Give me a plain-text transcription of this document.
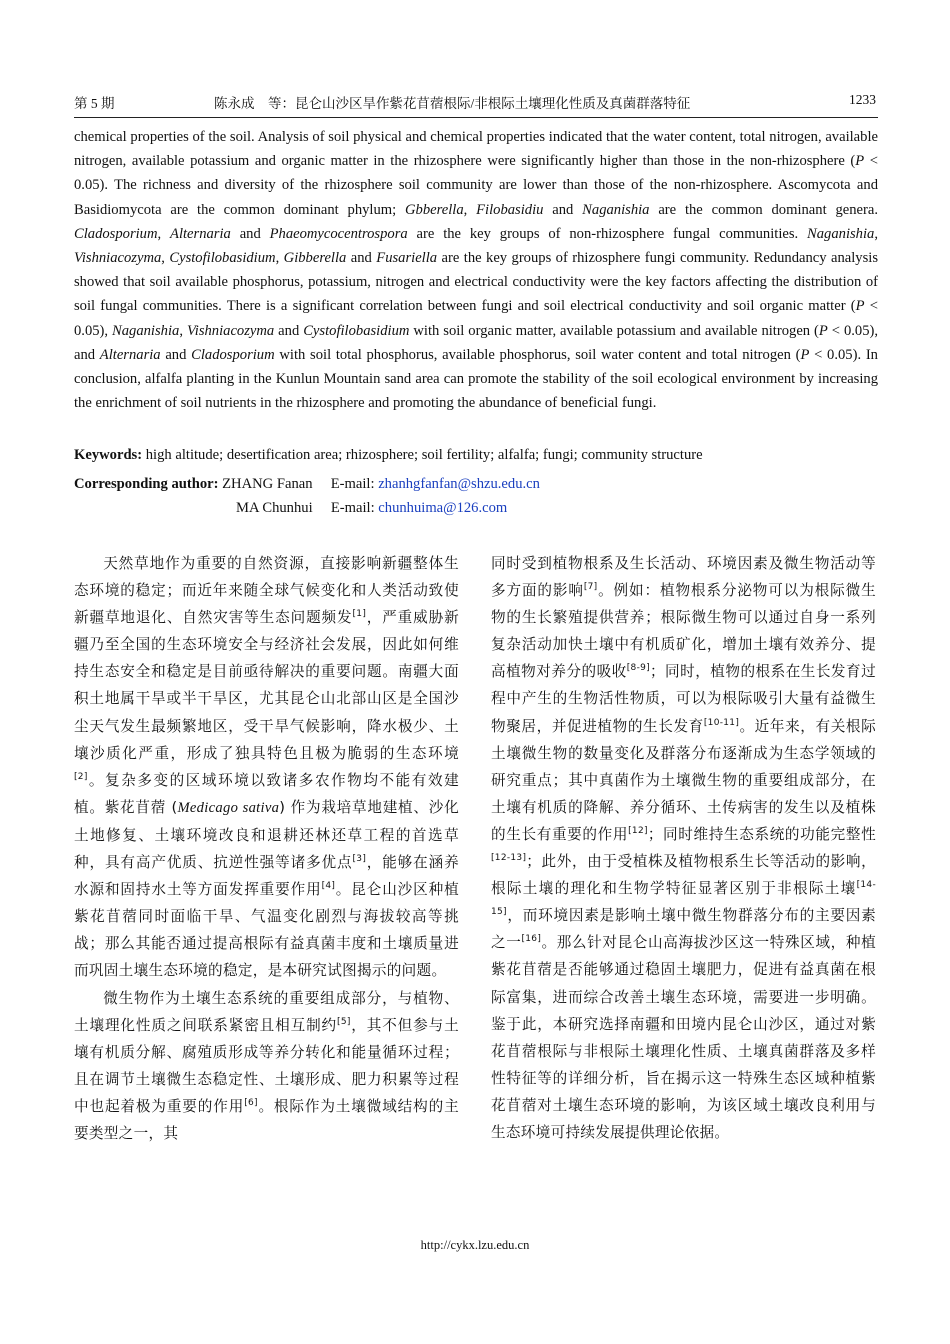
第 5 期	陈永成　等：昆仑山沙区旱作紫花苜蓿根际/非根际土壤理化性质及真菌群落特征	1233

chemical properties of the soil. Analysis of soil physical and chemical properties indicated that the water content, total nitrogen, available nitrogen, available potassium and organic matter in the rhizosphere were significantly higher than those in the non-rhizosphere (P < 0.05). The richness and diversity of the rhizosphere soil community are lower than those of the non-rhizosphere. Ascomycota and Basidiomycota are the common dominant phylum; Gbberella, Filobasidiu and Naganishia are the common dominant genera. Cladosporium, Alternaria and Phaeomycocentrospora are the key groups of non-rhizosphere fungal communities. Naganishia, Vishniacozyma, Cystofilobasidium, Gibberella and Fusariella are the key groups of rhizosphere fungi community. Redundancy analysis showed that soil available phosphorus, potassium, nitrogen and electrical conductivity were the key factors affecting the distribution of soil fungal communities. There is a significant correlation between fungi and soil electrical conductivity and soil organic matter (P < 0.05), Naganishia, Vishniacozyma and Cystofilobasidium with soil organic matter, available potassium and available nitrogen (P < 0.05), and Alternaria and Cladosporium with soil total phosphorus, available phosphorus, soil water content and total nitrogen (P < 0.05). In conclusion, alfalfa planting in the Kunlun Mountain sand area can promote the stability of the soil ecological environment by increasing the enrichment of soil nutrients in the rhizosphere and promoting the abundance of beneficial fungi.

Keywords: high altitude; desertification area; rhizosphere; soil fertility; alfalfa; fungi; community structure
Corresponding author: ZHANG Fanan　 E-mail: zhanhgfanfan@shzu.edu.cn
MA Chunhui　 E-mail: chunhuima@126.com

天然草地作为重要的自然资源，直接影响新疆整体生态环境的稳定；而近年来随全球气候变化和人类活动致使新疆草地退化、自然灾害等生态问题频发[1]，严重威胁新疆乃至全国的生态环境安全与经济社会发展，因此如何维持生态安全和稳定是目前亟待解决的重要问题。南疆大面积土地属干旱或半干旱区，尤其昆仑山北部山区是全国沙尘天气发生最频繁地区，受干旱气候影响，降水极少、土壤沙质化严重，形成了独具特色且极为脆弱的生态环境[2]。复杂多变的区域环境以致诸多农作物均不能有效建植。紫花苜蓿 (Medicago sativa) 作为栽培草地建植、沙化土地修复、土壤环境改良和退耕还林还草工程的首选草种，具有高产优质、抗逆性强等诸多优点[3]，能够在涵养水源和固持水土等方面发挥重要作用[4]。昆仑山沙区种植紫花苜蓿同时面临干旱、气温变化剧烈与海拔较高等挑战；那么其能否通过提高根际有益真菌丰度和土壤质量进而巩固土壤生态环境的稳定，是本研究试图揭示的问题。

微生物作为土壤生态系统的重要组成部分，与植物、土壤理化性质之间联系紧密且相互制约[5]，其不但参与土壤有机质分解、腐殖质形成等养分转化和能量循环过程；且在调节土壤微生态稳定性、土壤形成、肥力积累等过程中也起着极为重要的作用[6]。根际作为土壤微域结构的主要类型之一，其

同时受到植物根系及生长活动、环境因素及微生物活动等多方面的影响[7]。例如：植物根系分泌物可以为根际微生物的生长繁殖提供营养；根际微生物可以通过自身一系列复杂活动加快土壤中有机质矿化，增加土壤有效养分、提高植物对养分的吸收[8-9]；同时，植物的根系在生长发育过程中产生的生物活性物质，可以为根际吸引大量有益微生物聚居，并促进植物的生长发育[10-11]。近年来，有关根际土壤微生物的数量变化及群落分布逐渐成为生态学领域的研究重点；其中真菌作为土壤微生物的重要组成部分，在土壤有机质的降解、养分循环、土传病害的发生以及植株的生长有重要的作用[12]；同时维持生态系统的功能完整性[12-13]；此外，由于受植株及植物根系生长等活动的影响，根际土壤的理化和生物学特征显著区别于非根际土壤[14-15]，而环境因素是影响土壤中微生物群落分布的主要因素之一[16]。那么针对昆仑山高海拔沙区这一特殊区域，种植紫花苜蓿是否能够通过稳固土壤肥力，促进有益真菌在根际富集，进而综合改善土壤生态环境，需要进一步明确。鉴于此，本研究选择南疆和田境内昆仑山沙区，通过对紫花苜蓿根际与非根际土壤理化性质、土壤真菌群落及多样性特征等的详细分析，旨在揭示这一特殊生态区域种植紫花苜蓿对土壤生态环境的影响，为该区域土壤改良利用与生态环境可持续发展提供理论依据。

http://cykx.lzu.edu.cn
